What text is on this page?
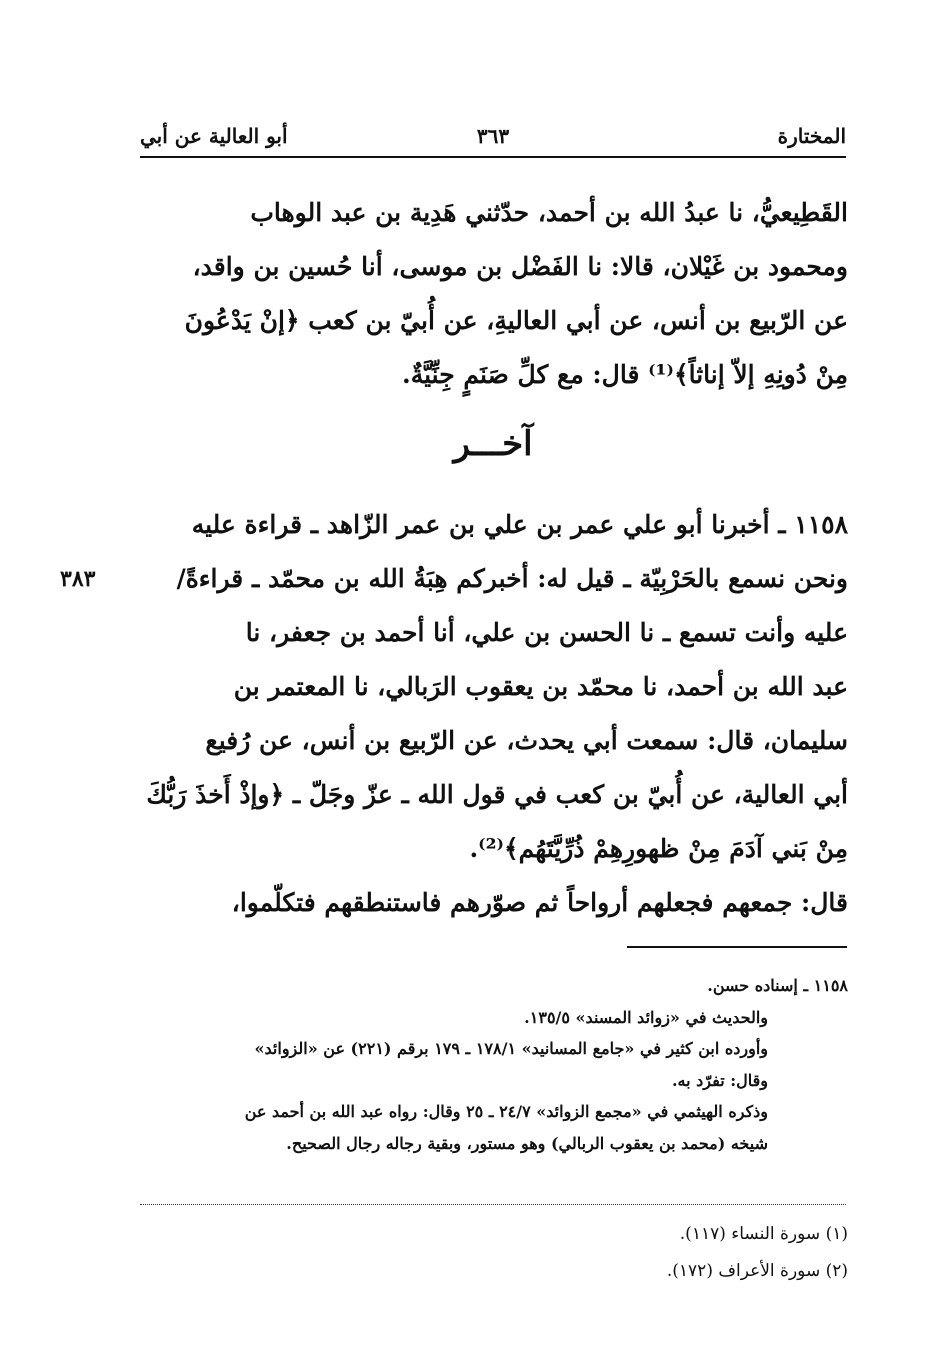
أبو العالية عن أبي	٣٦٣	المختارة
القَطِيعيُّ، نا عبدُ الله بن أحمد، حدّثني هَدِية بن عبد الوهاب
ومحمود بن غَيْلان، قالا: نا الفَضْل بن موسى، أنا حُسين بن واقد،
عن الرّبيع بن أنس، عن أبي العاليةِ، عن أُبيّ بن كعب ﴿إنْ يَدْعُونَ
مِنْ دُونِهِ إلاّ إناثاً﴾⁽¹⁾ قال: مع كلِّ صَنَمٍ جِنِّيَّةٌ.
آخـــر
١١٥٨ ـ أخبرنا أبو علي عمر بن علي بن عمر الزّاهد ـ قراءة عليه
ونحن نسمع بالحَرْبِيّة ـ قيل له: أخبركم هِبَةُ الله بن محمّد ـ قراءةً/
عليه وأنت تسمع ـ نا الحسن بن علي، أنا أحمد بن جعفر، نا
عبد الله بن أحمد، نا محمّد بن يعقوب الرَبالي، نا المعتمر بن
سليمان، قال: سمعت أبي يحدث، عن الرّبيع بن أنس، عن رُفيع
أبي العالية، عن أُبيّ بن كعب في قول الله ـ عزّ وجَلّ ـ ﴿وإذْ أَخذَ رَبُّكَ
مِنْ بَني آدَمَ مِنْ ظهورِهِمْ ذُرِّيَّتَهُم﴾⁽²⁾.
٣٨٣
قال: جمعهم فجعلهم أرواحاً ثم صوّرهم فاستنطقهم فتكلّموا،
١١٥٨ ـ إسناده حسن.
والحديث في «زوائد المسند» ١٣٥/٥.
وأورده ابن كثير في «جامع المسانيد» ١٧٨/١ ـ ١٧٩ برقم (٢٢١) عن «الزوائد»
وقال: تفرّد به.
وذكره الهيثمي في «مجمع الزوائد» ٢٤/٧ ـ ٢٥ وقال: رواه عبد الله بن أحمد عن
شيخه (محمد بن يعقوب الربالي) وهو مستور، وبقية رجاله رجال الصحيح.
(١) سورة النساء (١١٧).
(٢) سورة الأعراف (١٧٢).
